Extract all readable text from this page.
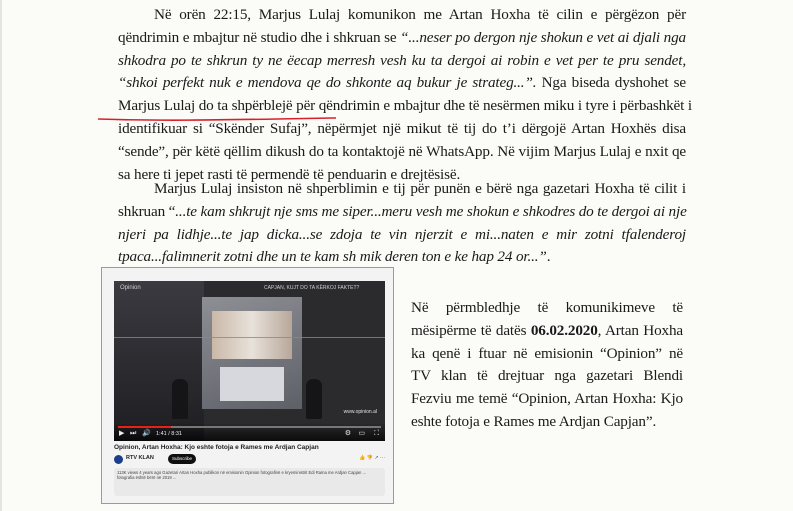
Në orën 22:15, Marjus Lulaj komunikon me Artan Hoxha të cilin e përgëzon për
qëndrimin e mbajtur në studio dhe i shkruan se “...neser po dergon nje shokun e vet ai djali nga
shkodra po te shkrun ty ne ëecap merresh vesh ku ta dergoi ai robin e vet per te pru sendet,
“shkoi perfekt nuk e mendova qe do shkonte aq bukur je strateg...”. Nga biseda dyshohet se
Marjus Lulaj do ta shpërblejë për qëndrimin e mbajtur dhe të nesërmen miku i tyre i përbashkët i
identifikuar si “Skënder Sufaj”, nëpërmjet një mikut të tij do t’i dërgojë Artan Hoxhës disa
“sende”, për këtë qëllim dikush do ta kontaktojë në WhatsApp. Në vijim Marjus Lulaj e nxit qe
sa here ti jepet rasti të permendë të penduarin e drejtësisë.
Marjus Lulaj insiston në shperblimin e tij për punën e bërë nga gazetari Hoxha të cilit i
shkruan “...te kam shkrujt nje sms me siper...meru vesh me shokun e shkodres do te dergoi ai nje
njeri pa lidhje...te jap dicka...se zdoja te vin njerzit e mi...naten e mir zotni tfalenderoj
tpaca...falimnerit zotni dhe un te kam sh mik deren ton e ke hap 24 or...”.
Opinion	CAPJAN, KUJT DO TA KËRKOJ FAKTET?
www.opinion.al
▶ ⏭ 🔊 1:41 / 8:31	⚙ ▭ ⛶
Opinion, Artan Hoxha: Kjo eshte fotoja e Rames me Ardjan Capjan
RTV KLAN	Subscribe	👍 👎 ↗ ···
113K views 4 years ago Gazetari Artan Hoxha publikon në emisionin Opinion fotografinë e kryeministrit Edi Rama me Ardjan Capjan ... fotografia është bërë në 2019 ...
Në përmbledhje të komunikimeve të
mësipërme të datës 06.02.2020, Artan Hoxha
ka qenë i ftuar në emisionin “Opinion” në
TV klan të drejtuar nga gazetari Blendi
Fezviu me temë “Opinion, Artan Hoxha: Kjo
eshte fotoja e Rames me Ardjan Capjan”.
